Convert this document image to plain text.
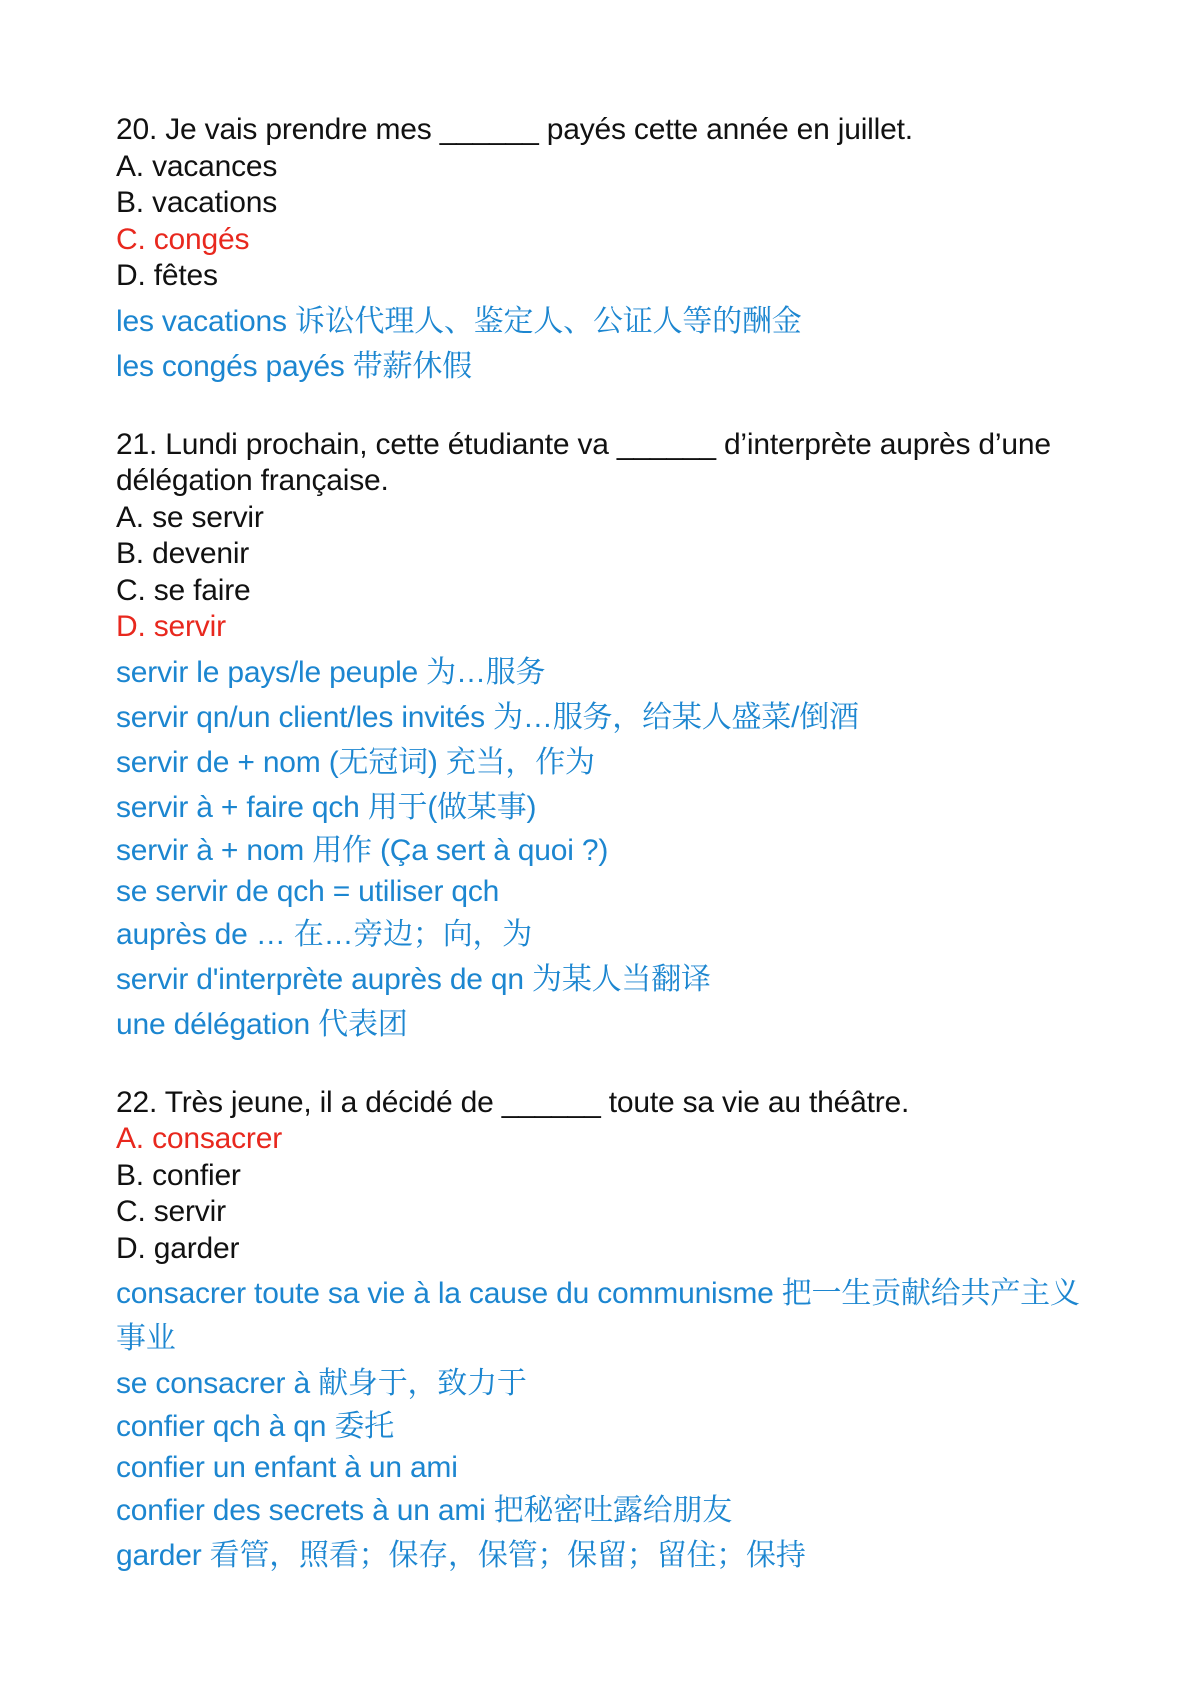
20. Je vais prendre mes ______ payés cette année en juillet.
A. vacances
B. vacations
C. congés
D. fêtes
les vacations 诉讼代理人、鉴定人、公证人等的酬金
les congés payés 带薪休假
21. Lundi prochain, cette étudiante va ______ d’interprète auprès d’une délégation française.
A. se servir
B. devenir
C. se faire
D. servir
servir le pays/le peuple 为…服务
servir qn/un client/les invités 为…服务，给某人盛菜/倒酒
servir de + nom (无冠词) 充当，作为
servir à + faire qch 用于(做某事)
servir à + nom 用作 (Ça sert à quoi ?)
se servir de qch = utiliser qch
auprès de … 在…旁边；向，为
servir d'interprète auprès de qn 为某人当翻译
une délégation 代表团
22. Très jeune, il a décidé de ______ toute sa vie au théâtre.
A. consacrer
B. confier
C. servir
D. garder
consacrer toute sa vie à la cause du communisme 把一生贡献给共产主义事业
se consacrer à 献身于，致力于
confier qch à qn 委托
confier un enfant à un ami
confier des secrets à un ami 把秘密吐露给朋友
garder 看管，照看；保存，保管；保留；留住；保持
